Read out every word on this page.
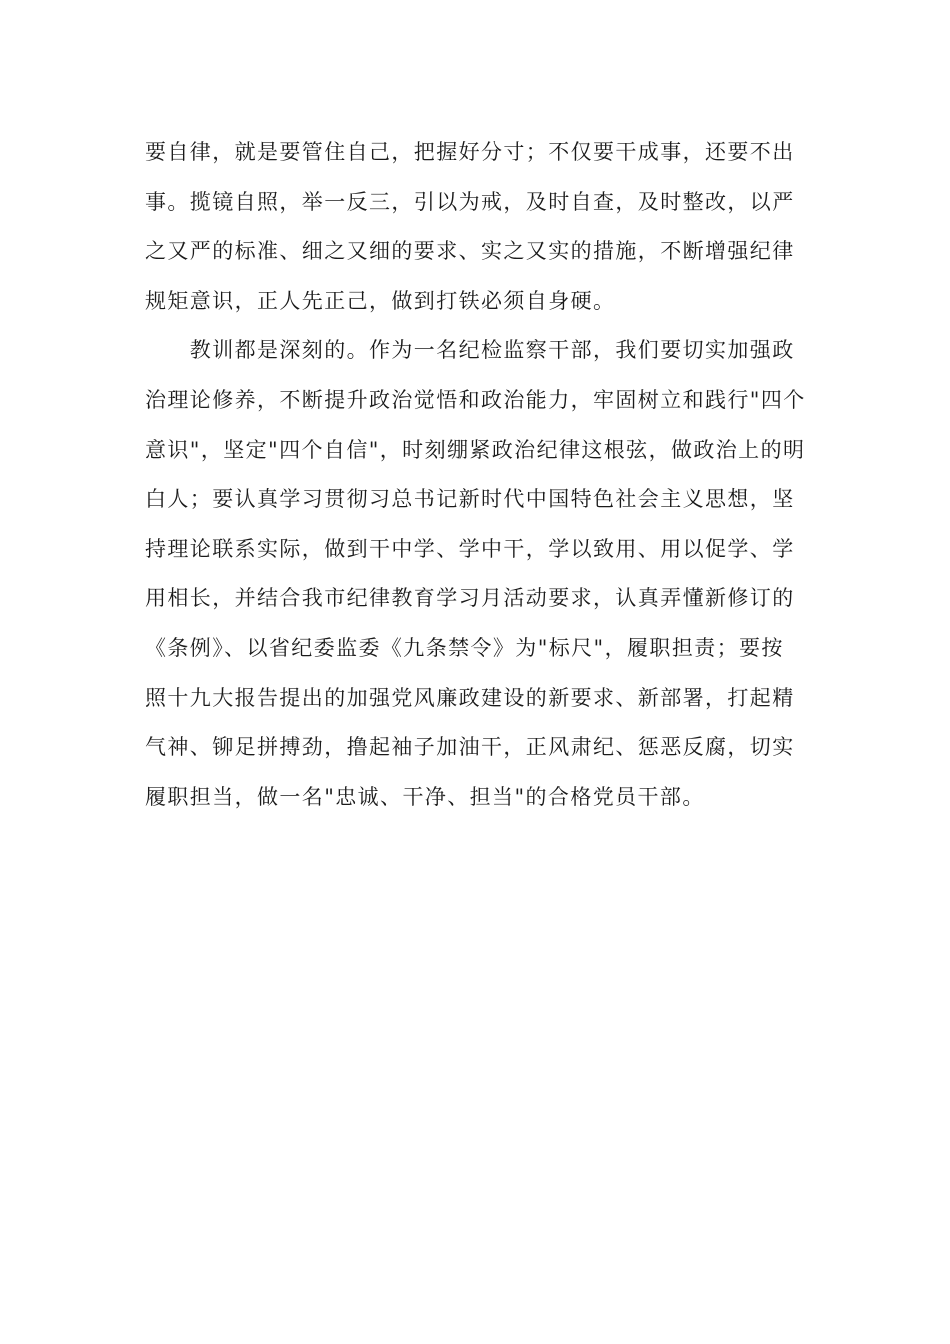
要自律，就是要管住自己，把握好分寸；不仅要干成事，还要不出
事。揽镜自照，举一反三，引以为戒，及时自查，及时整改，以严
之又严的标准、细之又细的要求、实之又实的措施，不断增强纪律
规矩意识，正人先正己，做到打铁必须自身硬。
　　教训都是深刻的。作为一名纪检监察干部，我们要切实加强政
治理论修养，不断提升政治觉悟和政治能力，牢固树立和践行"四个
意识"，坚定"四个自信"，时刻绷紧政治纪律这根弦，做政治上的明
白人；要认真学习贯彻习总书记新时代中国特色社会主义思想，坚
持理论联系实际，做到干中学、学中干，学以致用、用以促学、学
用相长，并结合我市纪律教育学习月活动要求，认真弄懂新修订的
《条例》、以省纪委监委《九条禁令》为"标尺"，履职担责；要按
照十九大报告提出的加强党风廉政建设的新要求、新部署，打起精
气神、铆足拼搏劲，撸起袖子加油干，正风肃纪、惩恶反腐，切实
履职担当，做一名"忠诚、干净、担当"的合格党员干部。
